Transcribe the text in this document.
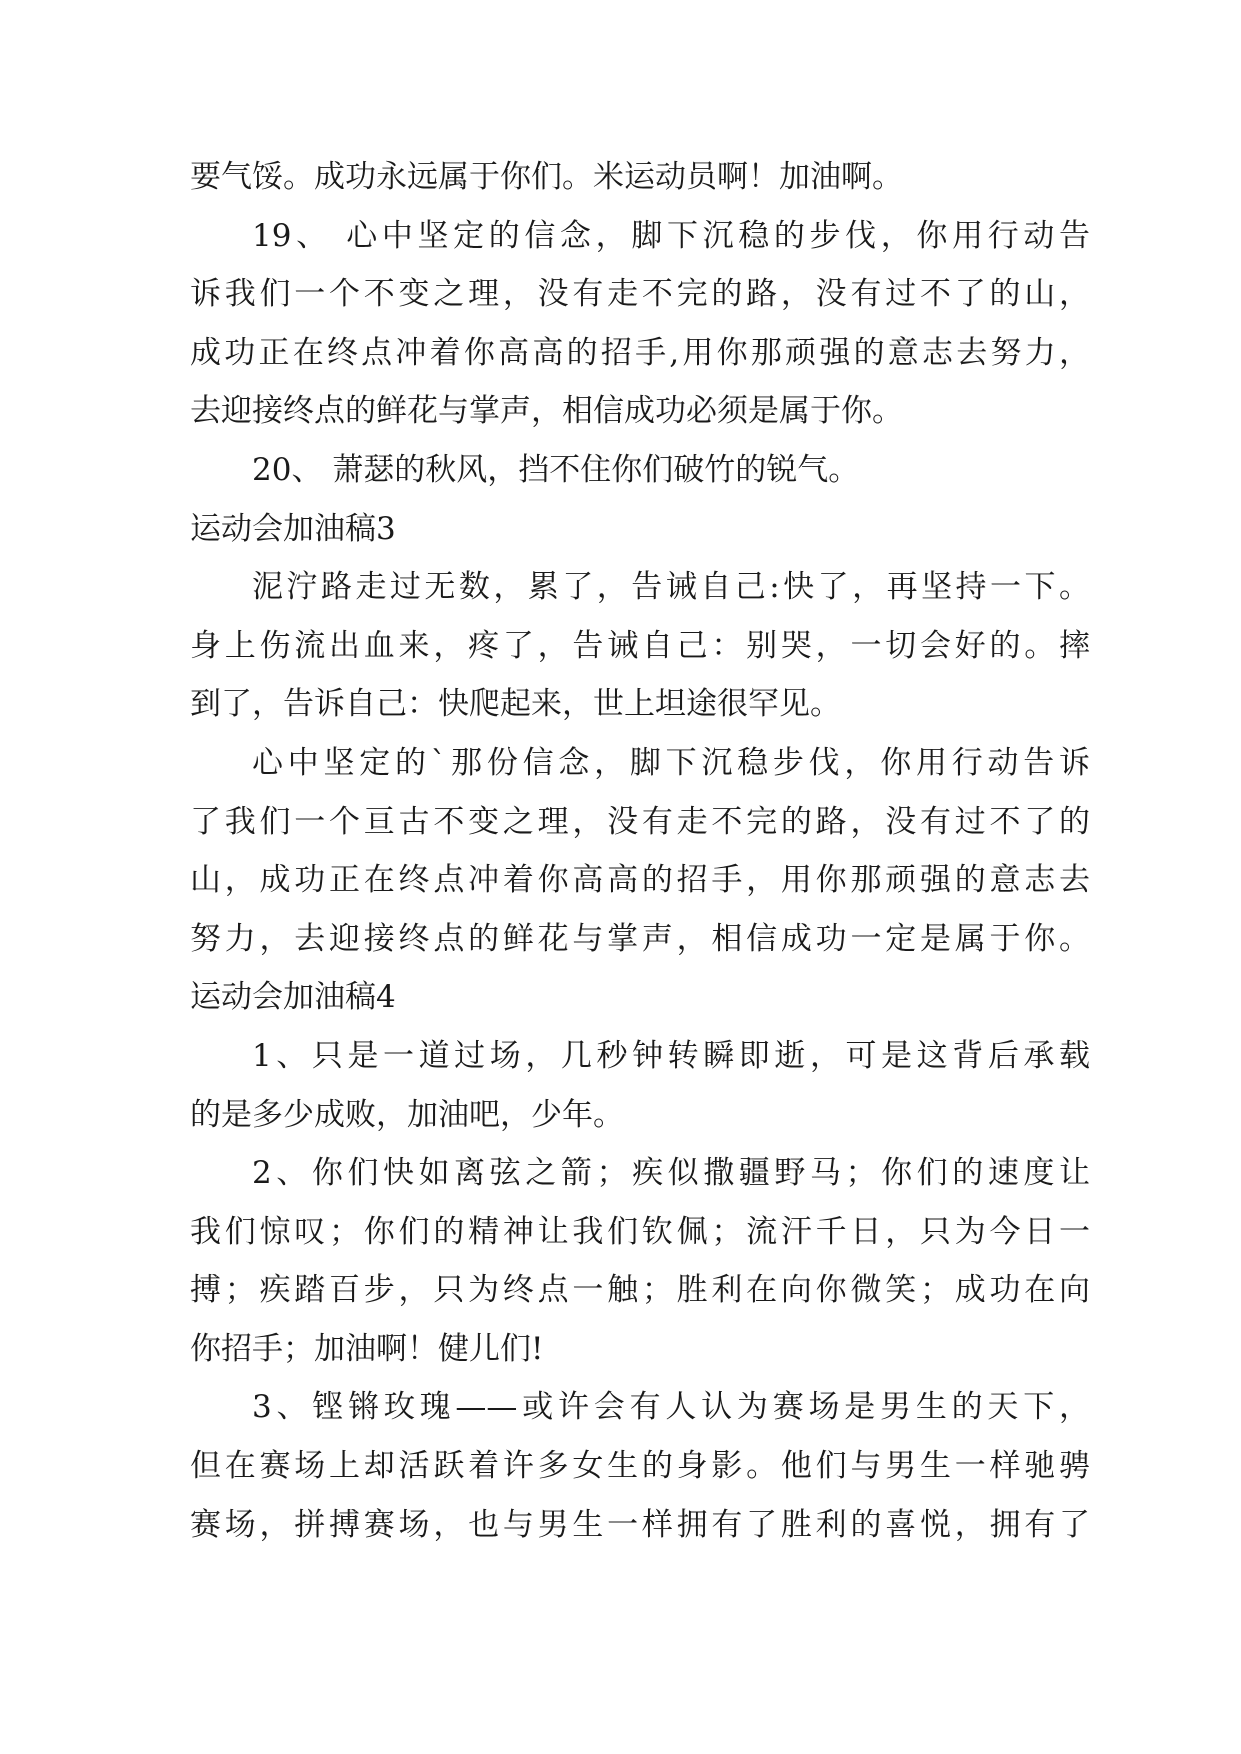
要气馁。成功永远属于你们。米运动员啊！加油啊。
19、 心中坚定的信念，脚下沉稳的步伐，你用行动告
诉我们一个不变之理，没有走不完的路，没有过不了的山，
成功正在终点冲着你高高的招手,用你那顽强的意志去努力，
去迎接终点的鲜花与掌声，相信成功必须是属于你。
20、 萧瑟的秋风，挡不住你们破竹的锐气。
运动会加油稿3
泥泞路走过无数，累了，告诫自己:快了，再坚持一下。
身上伤流出血来，疼了，告诫自己：别哭，一切会好的。摔
到了，告诉自己：快爬起来，世上坦途很罕见。
心中坚定的`那份信念，脚下沉稳步伐，你用行动告诉
了我们一个亘古不变之理，没有走不完的路，没有过不了的
山，成功正在终点冲着你高高的招手，用你那顽强的意志去
努力，去迎接终点的鲜花与掌声，相信成功一定是属于你。
运动会加油稿4
1、只是一道过场，几秒钟转瞬即逝，可是这背后承载
的是多少成败，加油吧，少年。
2、你们快如离弦之箭；疾似撒疆野马；你们的速度让
我们惊叹；你们的精神让我们钦佩；流汗千日，只为今日一
搏；疾踏百步，只为终点一触；胜利在向你微笑；成功在向
你招手；加油啊！健儿们!
3、铿锵玫瑰——或许会有人认为赛场是男生的天下，
但在赛场上却活跃着许多女生的身影。他们与男生一样驰骋
赛场，拼搏赛场，也与男生一样拥有了胜利的喜悦，拥有了
